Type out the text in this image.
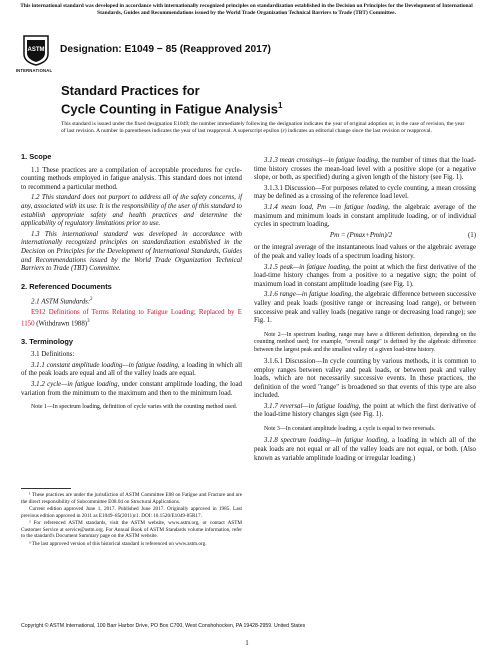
This international standard was developed in accordance with internationally recognized principles on standardization established in the Decision on Principles for the Development of International Standards, Guides and Recommendations issued by the World Trade Organization Technical Barriers to Trade (TBT) Committee.
ASTM
INTERNATIONAL
Designation: E1049 − 85 (Reapproved 2017)
Standard Practices for
Cycle Counting in Fatigue Analysis$^1$
This standard is issued under the fixed designation E1049; the number immediately following the designation indicates the year of original adoption or, in the case of revision, the year of last revision. A number in parentheses indicates the year of last reapproval. A superscript epsilon (ε) indicates an editorial change since the last revision or reapproval.
1. Scope

1.1 These practices are a compilation of acceptable procedures for cycle-counting methods employed in fatigue analysis. This standard does not intend to recommend a particular method.

1.2 This standard does not purport to address all of the safety concerns, if any, associated with its use. It is the responsibility of the user of this standard to establish appropriate safety and health practices and determine the applicability of regulatory limitations prior to use.

1.3 This international standard was developed in accordance with internationally recognized principles on standardization established in the Decision on Principles for the Development of International Standards, Guides and Recommendations issued by the World Trade Organization Technical Barriers to Trade (TBT) Committee.

2. Referenced Documents

2.1 ASTM Standards:$^2$

E912 Definitions of Terms Relating to Fatigue Loading; Replaced by E 1150 (Withdrawn 1988)$^3$

3. Terminology

3.1 Definitions:

3.1.1 constant amplitude loading—in fatigue loading, a loading in which all of the peak loads are equal and all of the valley loads are equal.

3.1.2 cycle—in fatigue loading, under constant amplitude loading, the load variation from the minimum to the maximum and then to the minimum load.

Note 1—In spectrum loading, definition of cycle varies with the counting method used.

¹ These practices are under the jurisdiction of ASTM Committee E08 on Fatigue and Fracture and are the direct responsibility of Subcommittee E08.04 on Structural Applications.

Current edition approved June 1, 2017. Published June 2017. Originally approved in 1985. Last previous edition approved in 2011 as E1049–85(2011)ε1. DOI: 10.1520/E1049-85R17.

² For referenced ASTM standards, visit the ASTM website, www.astm.org, or contact ASTM Customer Service at service@astm.org. For Annual Book of ASTM Standards volume information, refer to the standard's Document Summary page on the ASTM website.

³ The last approved version of this historical standard is referenced on www.astm.org.

3.1.3 mean crossings—in fatigue loading, the number of times that the load-time history crosses the mean-load level with a positive slope (or a negative slope, or both, as specified) during a given length of the history (see Fig. 1).

3.1.3.1 Discussion—For purposes related to cycle counting, a mean crossing may be defined as a crossing of the reference load level.

3.1.4 mean load, Pm —in fatigue loading, the algebraic average of the maximum and minimum loads in constant amplitude loading, or of individual cycles in spectrum loading,

Pm = (Pmax+Pmin)/2	(1)

or the integral average of the instantaneous load values or the algebraic average of the peak and valley loads of a spectrum loading history.

3.1.5 peak—in fatigue loading, the point at which the first derivative of the load-time history changes from a positive to a negative sign; the point of maximum load in constant amplitude loading (see Fig. 1).

3.1.6 range—in fatigue loading, the algebraic difference between successive valley and peak loads (positive range or increasing load range), or between successive peak and valley loads (negative range or decreasing load range); see Fig. 1.

Note 2—In spectrum loading, range may have a different definition, depending on the counting method used; for example, "overall range" is defined by the algebraic difference between the largest peak and the smallest valley of a given load-time history.

3.1.6.1 Discussion—In cycle counting by various methods, it is common to employ ranges between valley and peak loads, or between peak and valley loads, which are not necessarily successive events. In these practices, the definition of the word "range" is broadened so that events of this type are also included.

3.1.7 reversal—in fatigue loading, the point at which the first derivative of the load-time history changes sign (see Fig. 1).

Note 3—In constant amplitude loading, a cycle is equal to two reversals.

3.1.8 spectrum loading—in fatigue loading, a loading in which all of the peak loads are not equal or all of the valley loads are not equal, or both. (Also known as variable amplitude loading or irregular loading.)

Copyright © ASTM International, 100 Barr Harbor Drive, PO Box C700, West Conshohocken, PA 19428-2959. United States
1
